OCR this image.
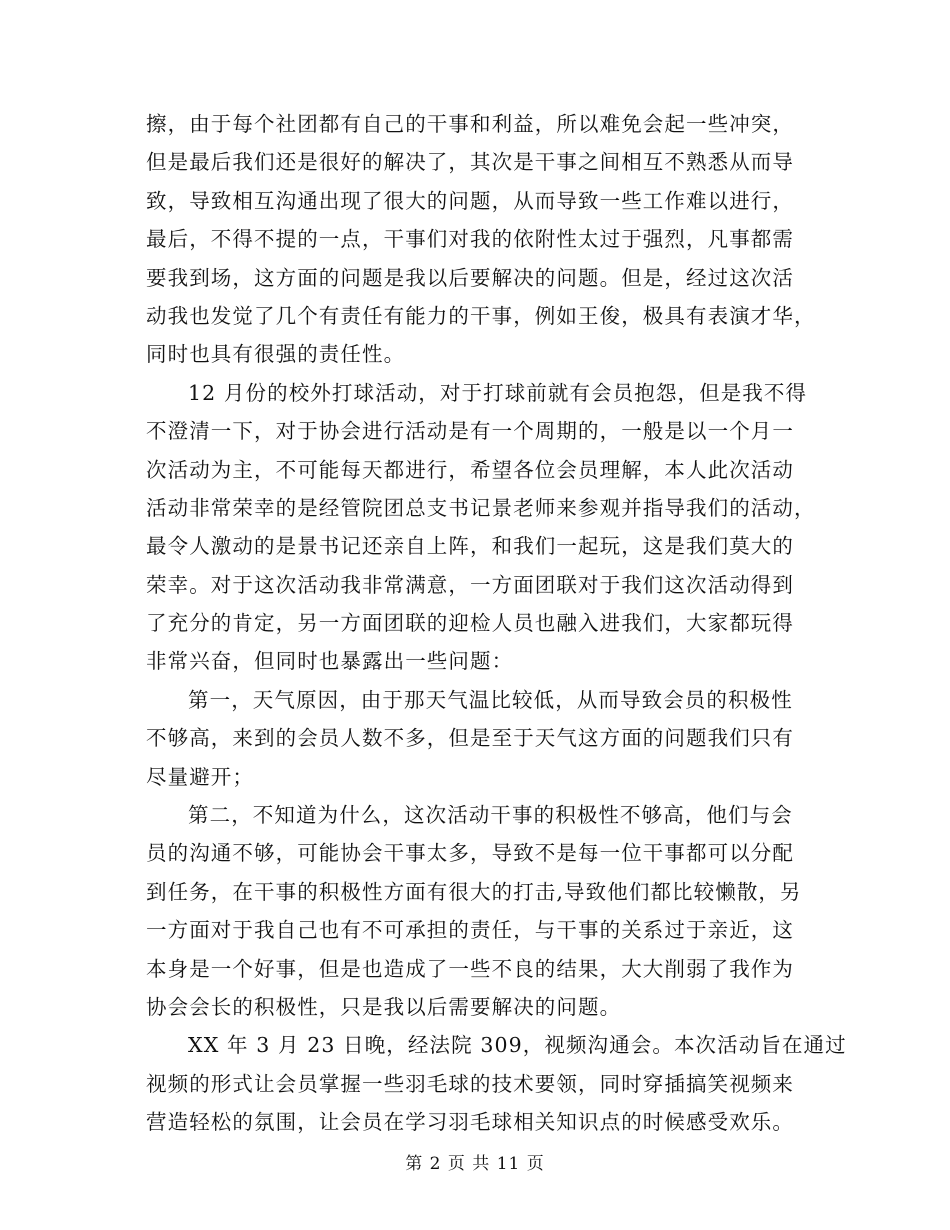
擦，由于每个社团都有自己的干事和利益，所以难免会起一些冲突，
但是最后我们还是很好的解决了，其次是干事之间相互不熟悉从而导
致，导致相互沟通出现了很大的问题，从而导致一些工作难以进行，
最后，不得不提的一点，干事们对我的依附性太过于强烈，凡事都需
要我到场，这方面的问题是我以后要解决的问题。但是，经过这次活
动我也发觉了几个有责任有能力的干事，例如王俊，极具有表演才华，
同时也具有很强的责任性。
12 月份的校外打球活动，对于打球前就有会员抱怨，但是我不得
不澄清一下，对于协会进行活动是有一个周期的，一般是以一个月一
次活动为主，不可能每天都进行，希望各位会员理解，本人此次活动
活动非常荣幸的是经管院团总支书记景老师来参观并指导我们的活动，
最令人激动的是景书记还亲自上阵，和我们一起玩，这是我们莫大的
荣幸。对于这次活动我非常满意，一方面团联对于我们这次活动得到
了充分的肯定，另一方面团联的迎检人员也融入进我们，大家都玩得
非常兴奋，但同时也暴露出一些问题：
第一，天气原因，由于那天气温比较低，从而导致会员的积极性
不够高，来到的会员人数不多，但是至于天气这方面的问题我们只有
尽量避开；
第二，不知道为什么，这次活动干事的积极性不够高，他们与会
员的沟通不够，可能协会干事太多，导致不是每一位干事都可以分配
到任务，在干事的积极性方面有很大的打击,导致他们都比较懒散，另
一方面对于我自己也有不可承担的责任，与干事的关系过于亲近，这
本身是一个好事，但是也造成了一些不良的结果，大大削弱了我作为
协会会长的积极性，只是我以后需要解决的问题。
XX 年 3 月 23 日晚，经法院 309，视频沟通会。本次活动旨在通过
视频的形式让会员掌握一些羽毛球的技术要领，同时穿插搞笑视频来
营造轻松的氛围，让会员在学习羽毛球相关知识点的时候感受欢乐。
第 2 页 共 11 页
